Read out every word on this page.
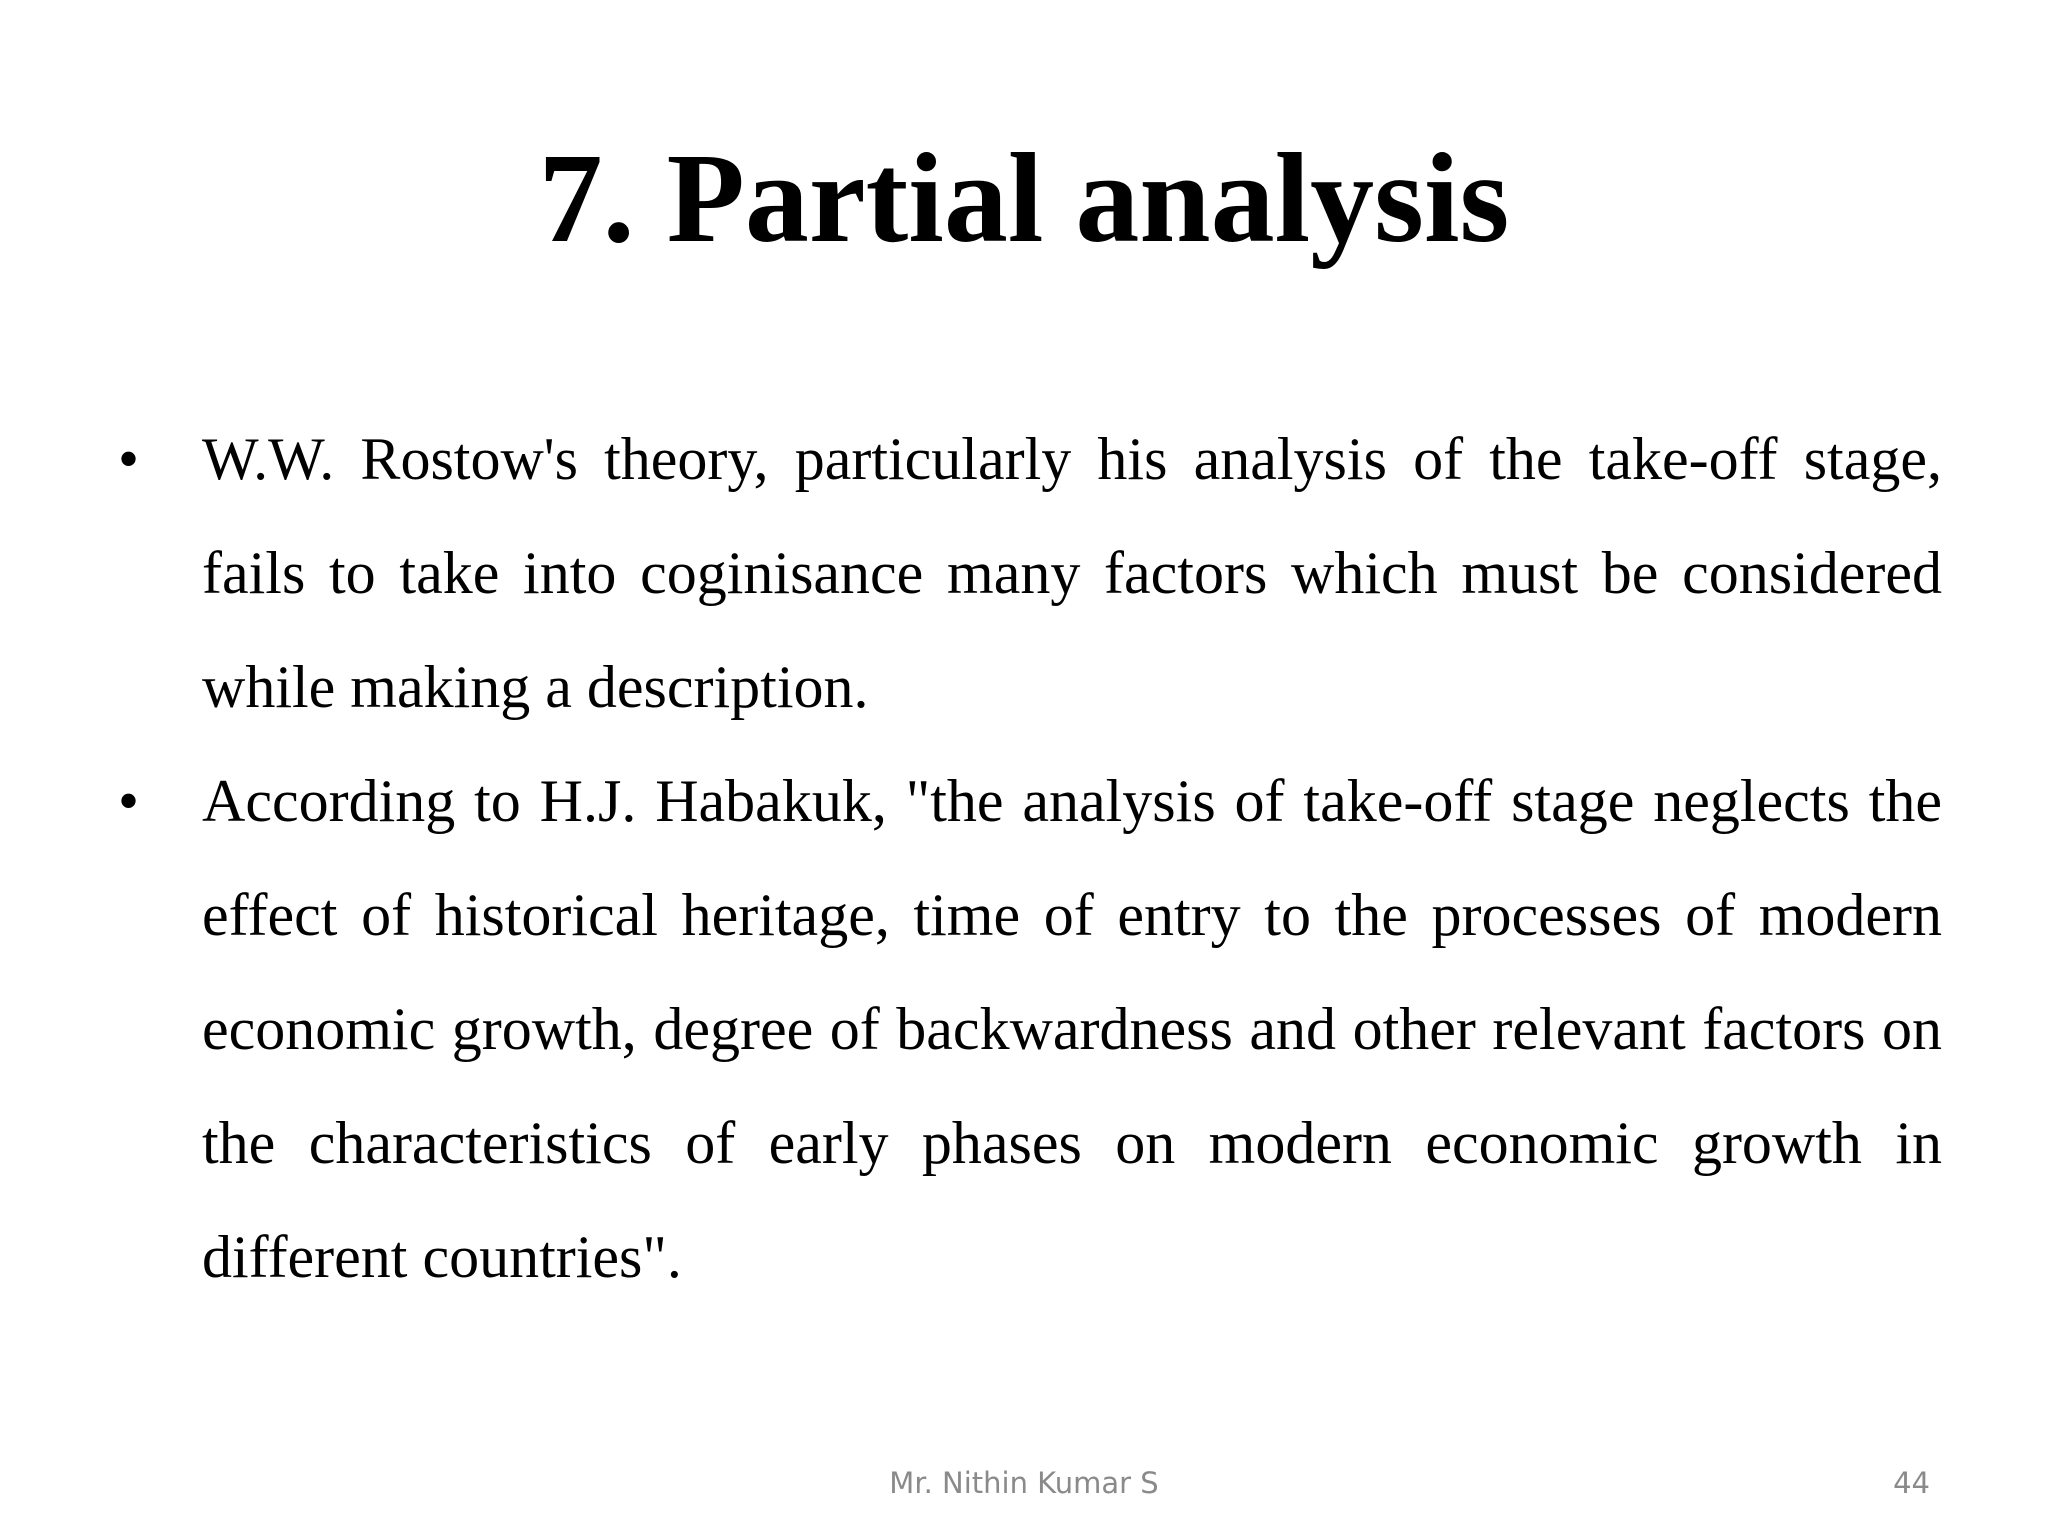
7. Partial analysis
• W.W. Rostow's theory, particularly his analysis of the take-off stage, fails to take into coginisance many factors which must be considered while making a description.
• According to H.J. Habakuk, "the analysis of take-off stage neglects the effect of historical heritage, time of entry to the processes of modern economic growth, degree of backwardness and other relevant factors on the characteristics of early phases on modern economic growth in different countries".
Mr. Nithin Kumar S	44
